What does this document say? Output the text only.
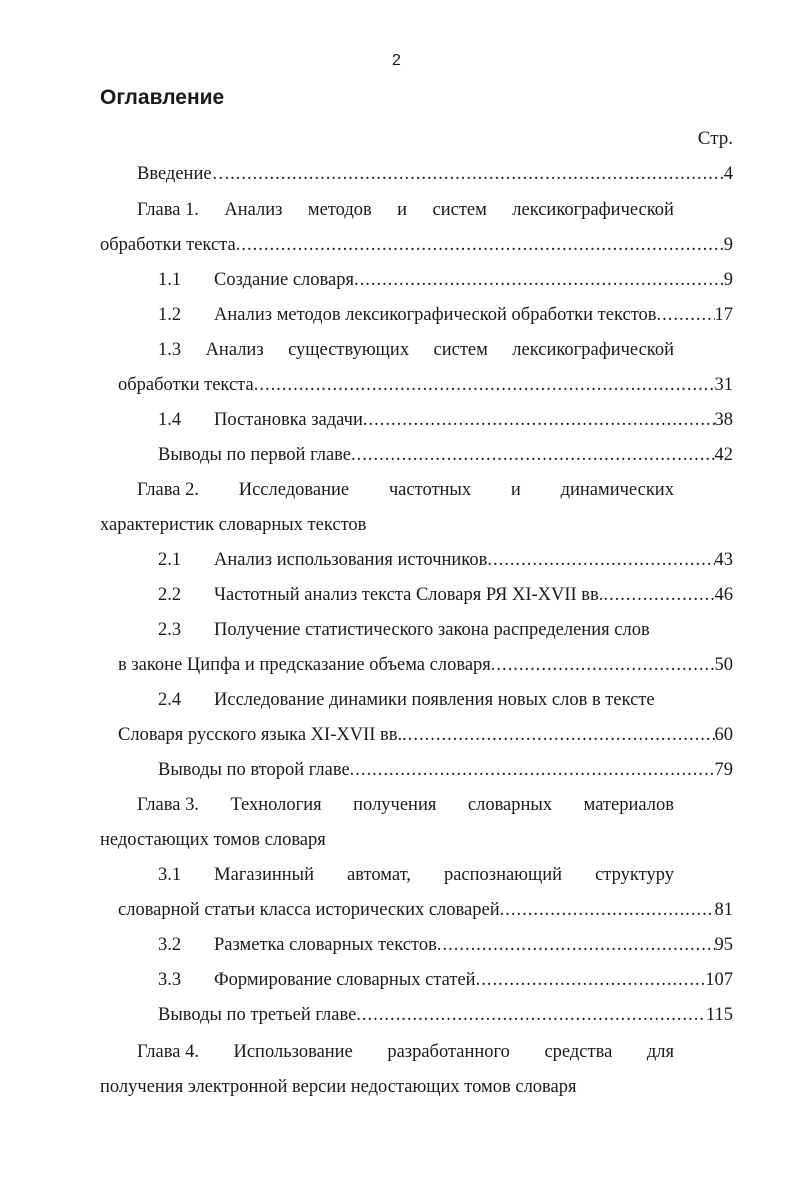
2
Оглавление
Стр.
Введение… .....	4
Глава 1. Анализ методов и систем лексикографической
обработки текста .....	9
1.1 Создание словаря .....	9
1.2 Анализ методов лексикографической обработки текстов .....	17
1.3 Анализ существующих систем лексикографической
обработки текста .....	31
1.4 Постановка задачи .....	38
Выводы по первой главе .....	42
Глава 2. Исследование частотных и динамических
характеристик словарных текстов
2.1 Анализ использования источников .....	43
2.2 Частотный анализ текста Словаря РЯ XI-XVII вв. .....	46
2.3 Получение статистического закона распределения слов
в законе Ципфа и предсказание объема словаря .....	50
2.4 Исследование динамики появления новых слов в тексте
Словаря русского языка XI-XVII вв. .....	60
Выводы по второй главе .....	79
Глава 3. Технология получения словарных материалов
недостающих томов словаря
3.1 Магазинный автомат, распознающий структуру
словарной статьи класса исторических словарей .....	81
3.2 Разметка словарных текстов .....	95
3.3 Формирование словарных статей .....	107
Выводы по третьей главе .....	115
Глава 4. Использование разработанного средства для
получения электронной версии недостающих томов словаря
